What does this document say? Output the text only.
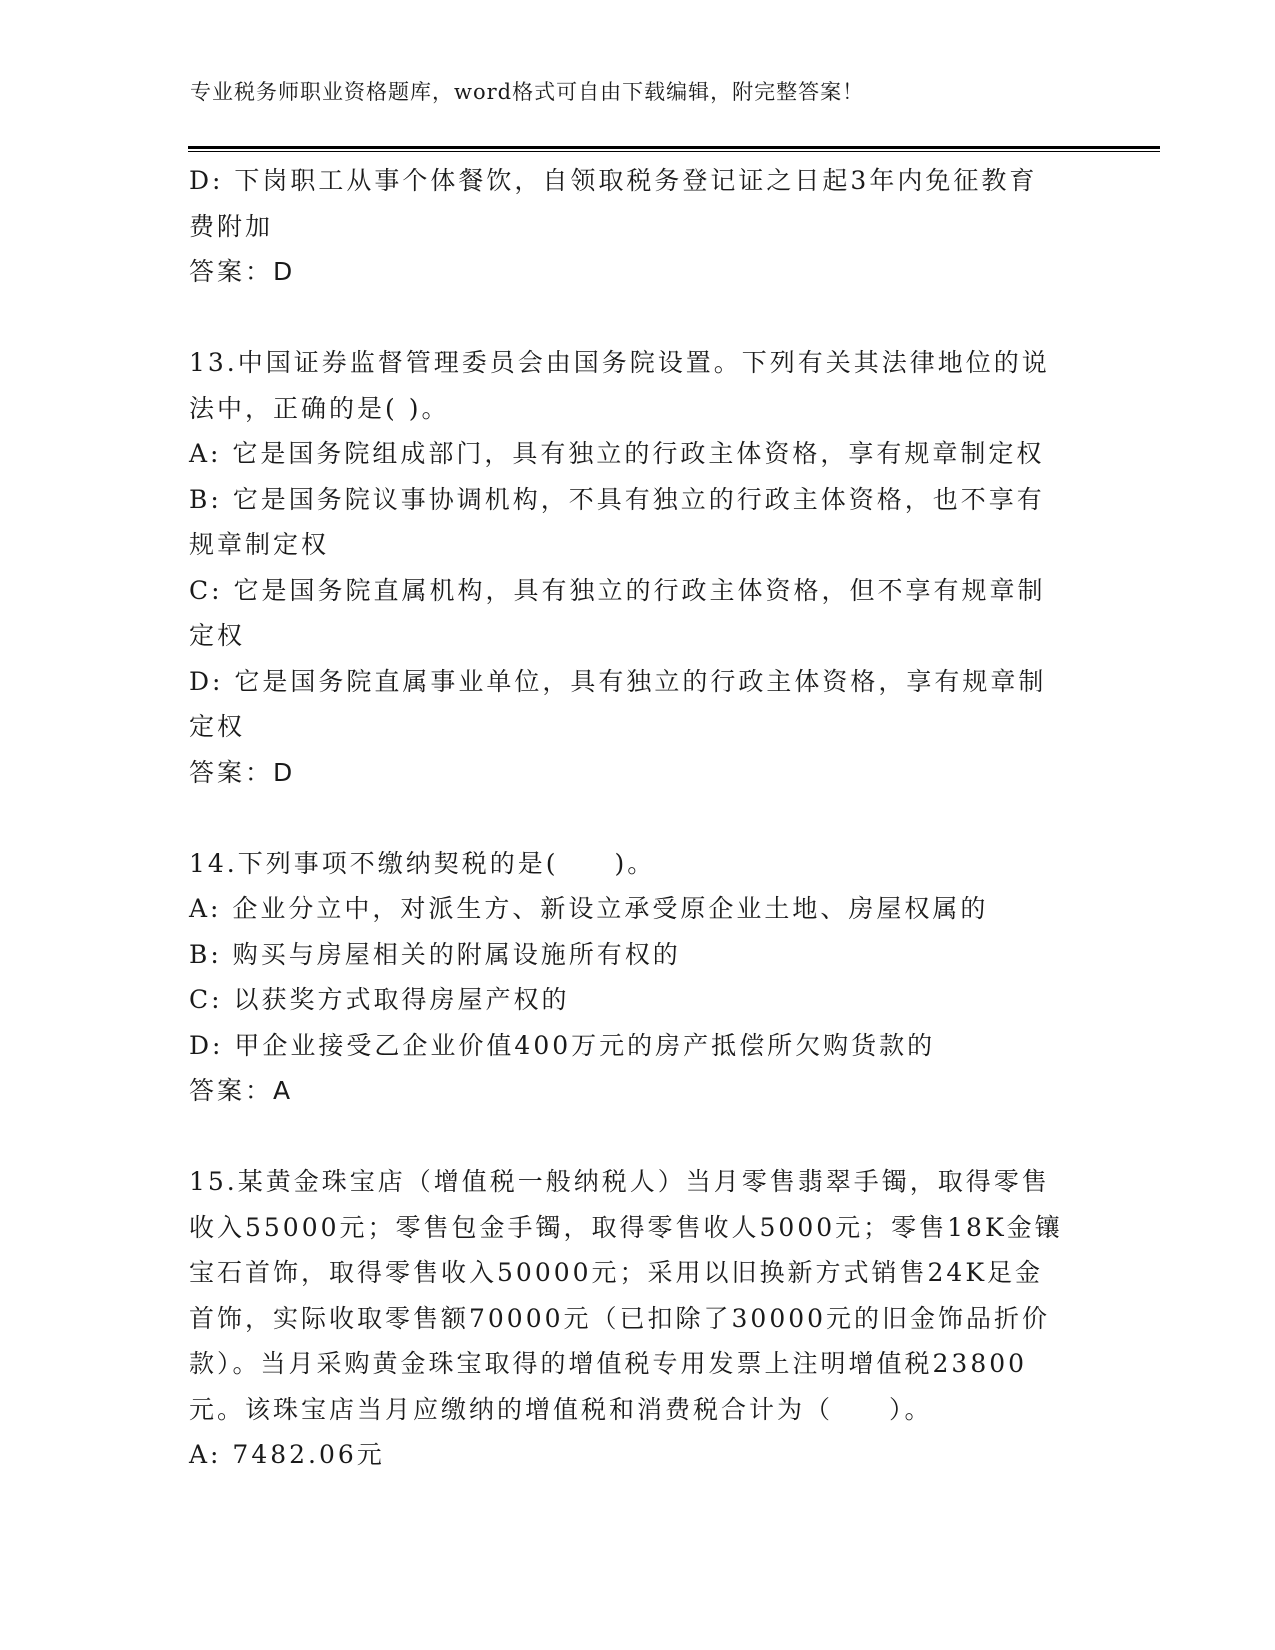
专业税务师职业资格题库，word格式可自由下载编辑，附完整答案！
D: 下岗职工从事个体餐饮，自领取税务登记证之日起3年内免征教育
费附加
答案：D
13.中国证券监督管理委员会由国务院设置。下列有关其法律地位的说
法中，正确的是( )。
A: 它是国务院组成部门，具有独立的行政主体资格，享有规章制定权
B: 它是国务院议事协调机构，不具有独立的行政主体资格，也不享有
规章制定权
C: 它是国务院直属机构，具有独立的行政主体资格，但不享有规章制
定权
D: 它是国务院直属事业单位，具有独立的行政主体资格，享有规章制
定权
答案：D
14.下列事项不缴纳契税的是(　　)。
A: 企业分立中，对派生方、新设立承受原企业土地、房屋权属的
B: 购买与房屋相关的附属设施所有权的
C: 以获奖方式取得房屋产权的
D: 甲企业接受乙企业价值400万元的房产抵偿所欠购货款的
答案：A
15.某黄金珠宝店（增值税一般纳税人）当月零售翡翠手镯，取得零售
收入55000元；零售包金手镯，取得零售收人5000元；零售18K金镶
宝石首饰，取得零售收入50000元；采用以旧换新方式销售24K足金
首饰，实际收取零售额70000元（已扣除了30000元的旧金饰品折价
款）。当月采购黄金珠宝取得的增值税专用发票上注明增值税23800
元。该珠宝店当月应缴纳的增值税和消费税合计为（　　）。
A: 7482.06元
